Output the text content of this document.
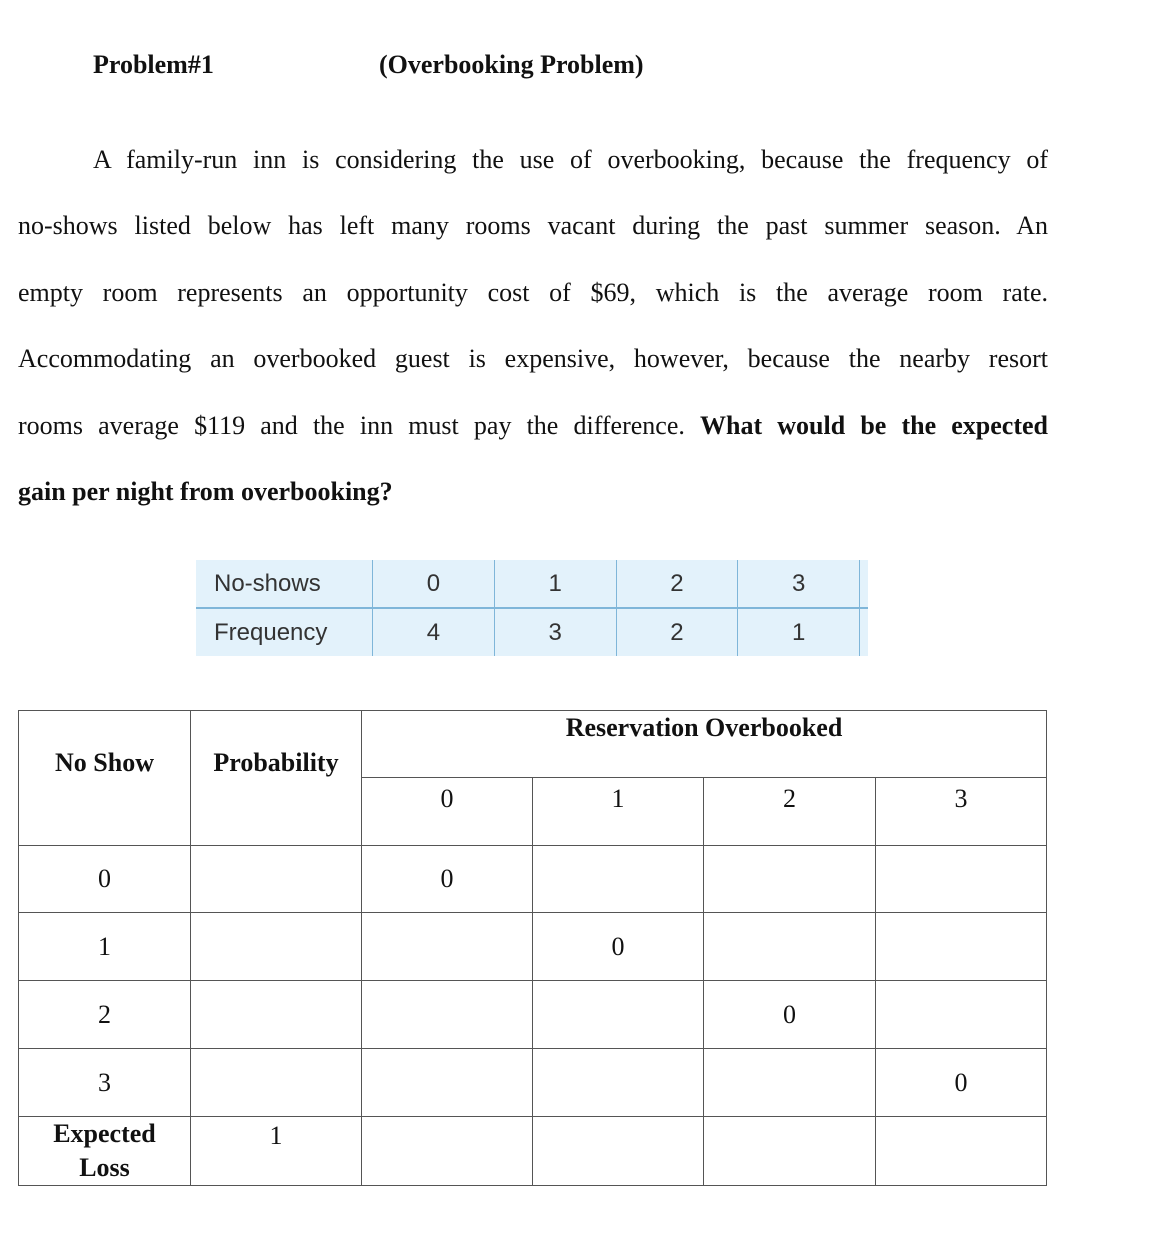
Problem#1	(Overbooking Problem)
A family-run inn is considering the use of overbooking, because the frequency of
no-shows listed below has left many rooms vacant during the past summer season. An
empty room represents an opportunity cost of $69, which is the average room rate.
Accommodating an overbooked guest is expensive, however, because the nearby resort
rooms average $119 and the inn must pay the difference. What would be the expected
gain per night from overbooking?
No-shows	0	1	2	3	
Frequency	4	3	2	1	
No Show	Probability	Reservation Overbooked			
		0	1	2	3
0		0			
1			0		
2				0	
3					0

Expected
Loss	1				
